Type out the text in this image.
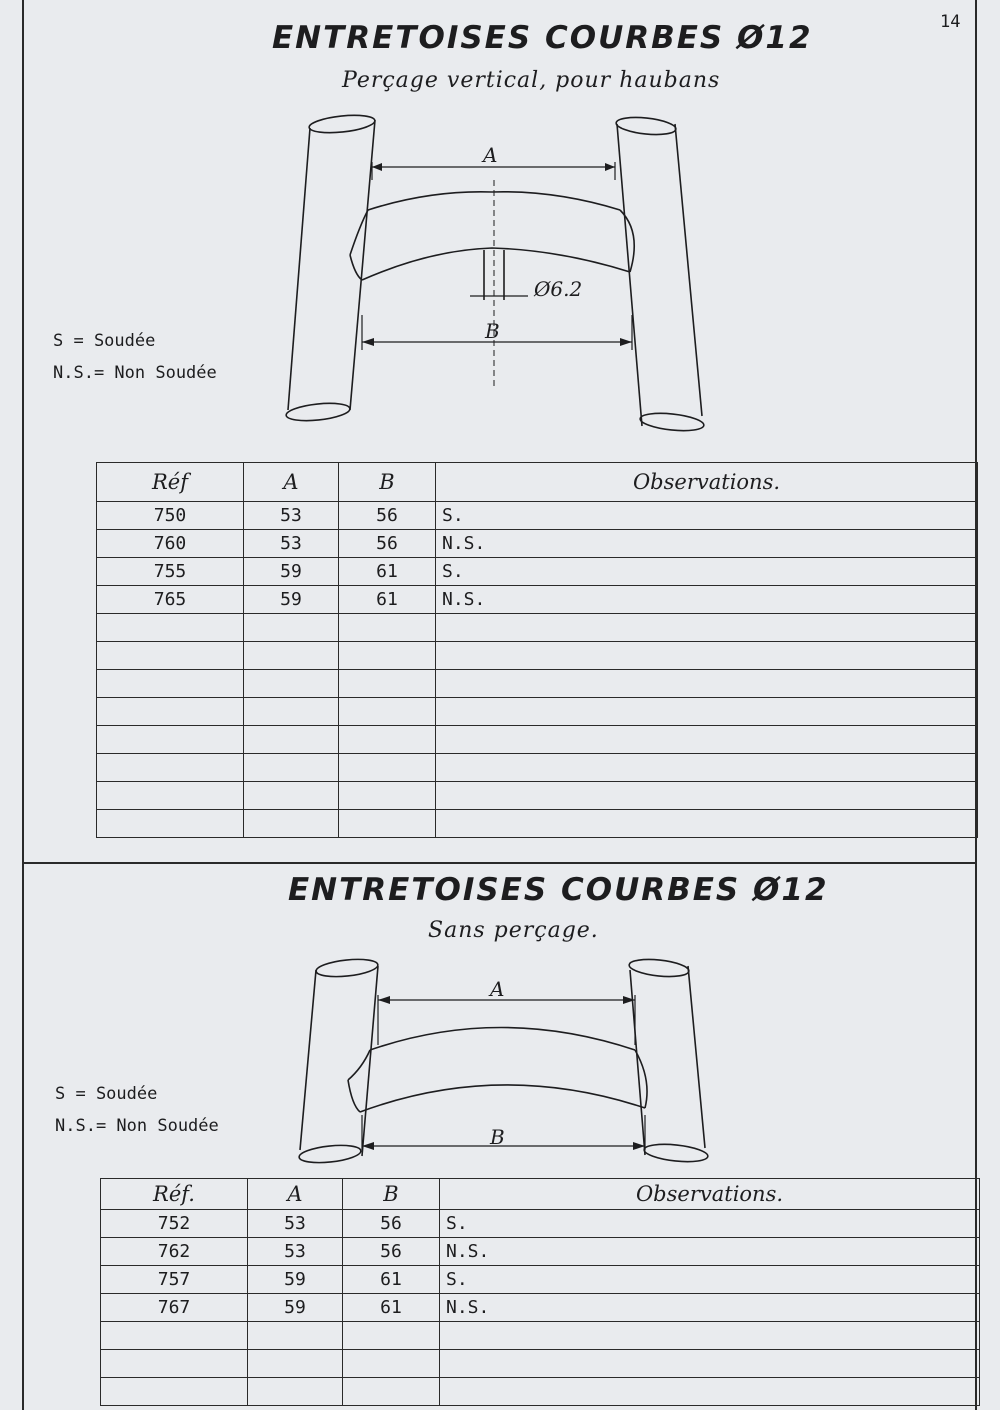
14
ENTRETOISES COURBES Ø12
Perçage vertical, pour haubans
S = Soudée
N.S.= Non Soudée
A
Ø6.2
B
Réf	A	B	Observations.
750	53	56	S.
760	53	56	N.S.
755	59	61	S.
765	59	61	N.S.

ENTRETOISES COURBES Ø12
Sans perçage.
S = Soudée
N.S.= Non Soudée
A
B
Réf.	A	B	Observations.
752	53	56	S.
762	53	56	N.S.
757	59	61	S.
767	59	61	N.S.
